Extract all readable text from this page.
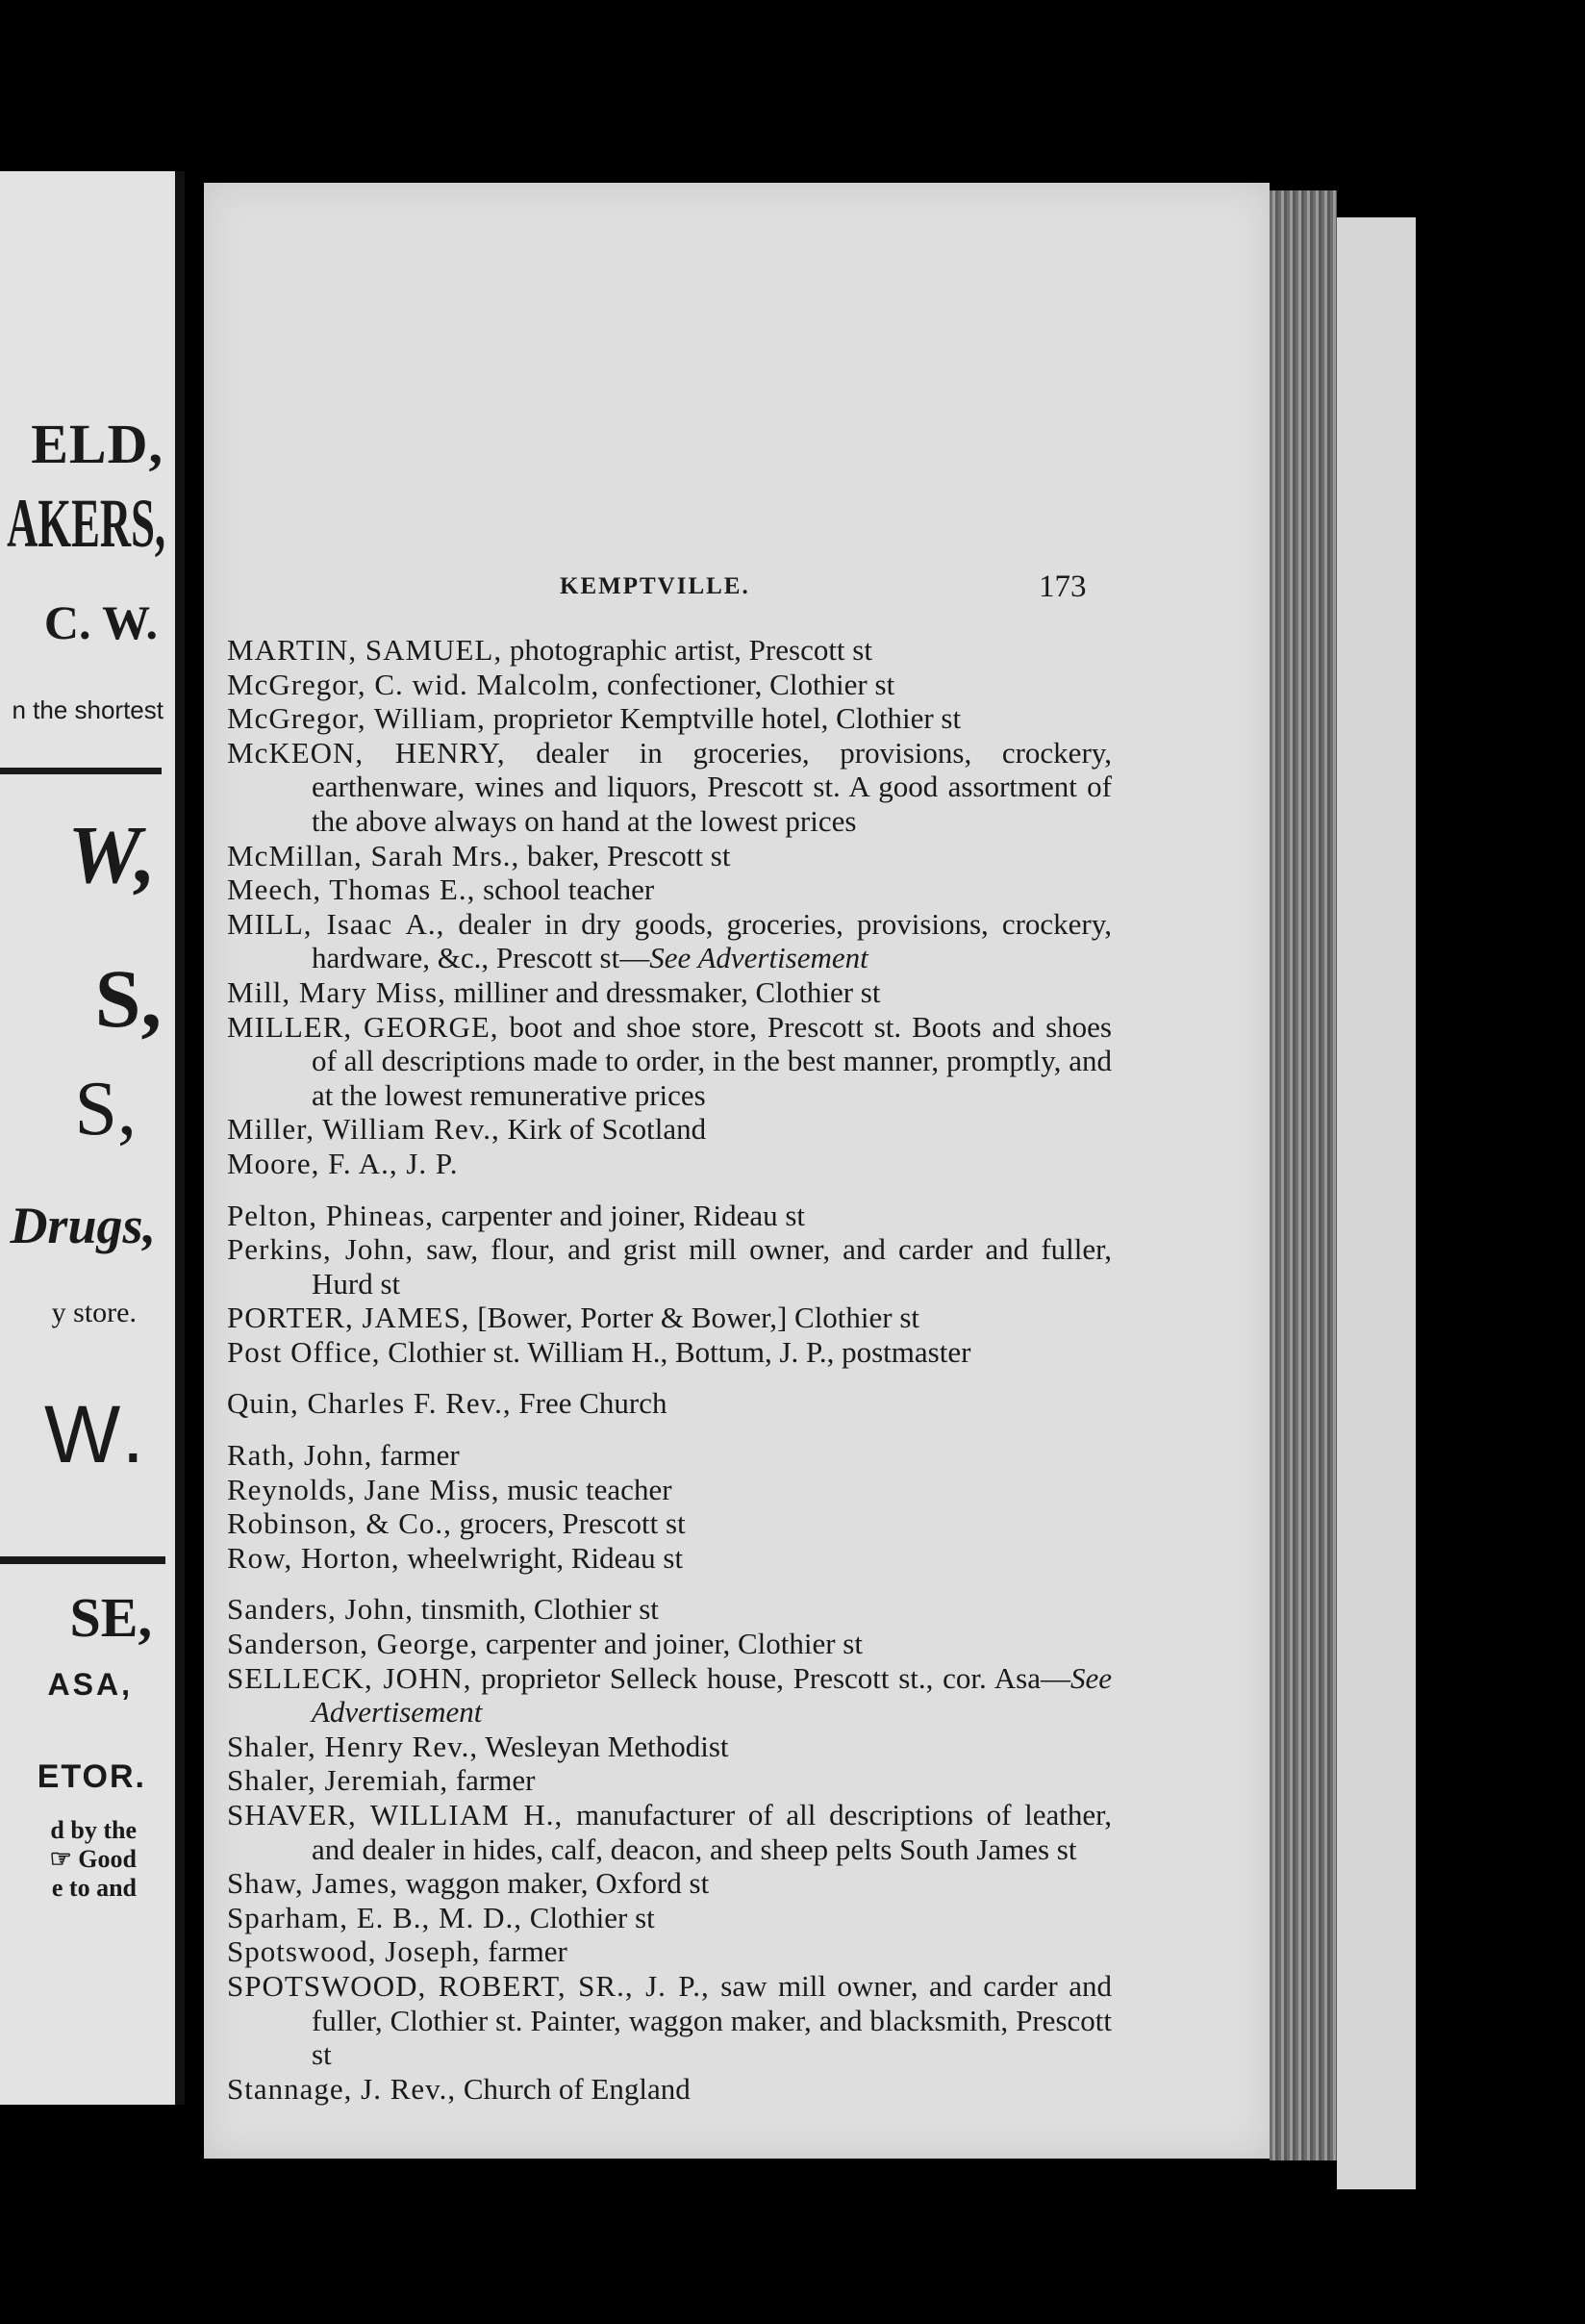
ELD,
AKERS,
C. W.
n the shortest
W,
S,
S,
Drugs,
y store.
W.
SE,
ASA,
ETOR.
d by the
☞ Good
e to and
KEMPTVILLE.	173

MARTIN, SAMUEL, photographic artist, Prescott st

McGregor, C. wid. Malcolm, confectioner, Clothier st

McGregor, William, proprietor Kemptville hotel, Clothier st

McKEON, HENRY, dealer in groceries, provisions, crockery, earthenware, wines and liquors, Prescott st. A good assortment of the above always on hand at the lowest prices

McMillan, Sarah Mrs., baker, Prescott st

Meech, Thomas E., school teacher

MILL, Isaac A., dealer in dry goods, groceries, provisions, crockery, hardware, &c., Prescott st—See Advertisement

Mill, Mary Miss, milliner and dressmaker, Clothier st

MILLER, GEORGE, boot and shoe store, Prescott st. Boots and shoes of all descriptions made to order, in the best manner, promptly, and at the lowest remunerative prices

Miller, William Rev., Kirk of Scotland

Moore, F. A., J. P.

Pelton, Phineas, carpenter and joiner, Rideau st

Perkins, John, saw, flour, and grist mill owner, and carder and fuller, Hurd st

PORTER, JAMES, [Bower, Porter & Bower,] Clothier st

Post Office, Clothier st. William H., Bottum, J. P., postmaster

Quin, Charles F. Rev., Free Church

Rath, John, farmer

Reynolds, Jane Miss, music teacher

Robinson, & Co., grocers, Prescott st

Row, Horton, wheelwright, Rideau st

Sanders, John, tinsmith, Clothier st

Sanderson, George, carpenter and joiner, Clothier st

SELLECK, JOHN, proprietor Selleck house, Prescott st., cor. Asa—See Advertisement

Shaler, Henry Rev., Wesleyan Methodist

Shaler, Jeremiah, farmer

SHAVER, WILLIAM H., manufacturer of all descriptions of leather, and dealer in hides, calf, deacon, and sheep pelts South James st

Shaw, James, waggon maker, Oxford st

Sparham, E. B., M. D., Clothier st

Spotswood, Joseph, farmer

SPOTSWOOD, ROBERT, SR., J. P., saw mill owner, and carder and fuller, Clothier st. Painter, waggon maker, and blacksmith, Prescott st

Stannage, J. Rev., Church of England
